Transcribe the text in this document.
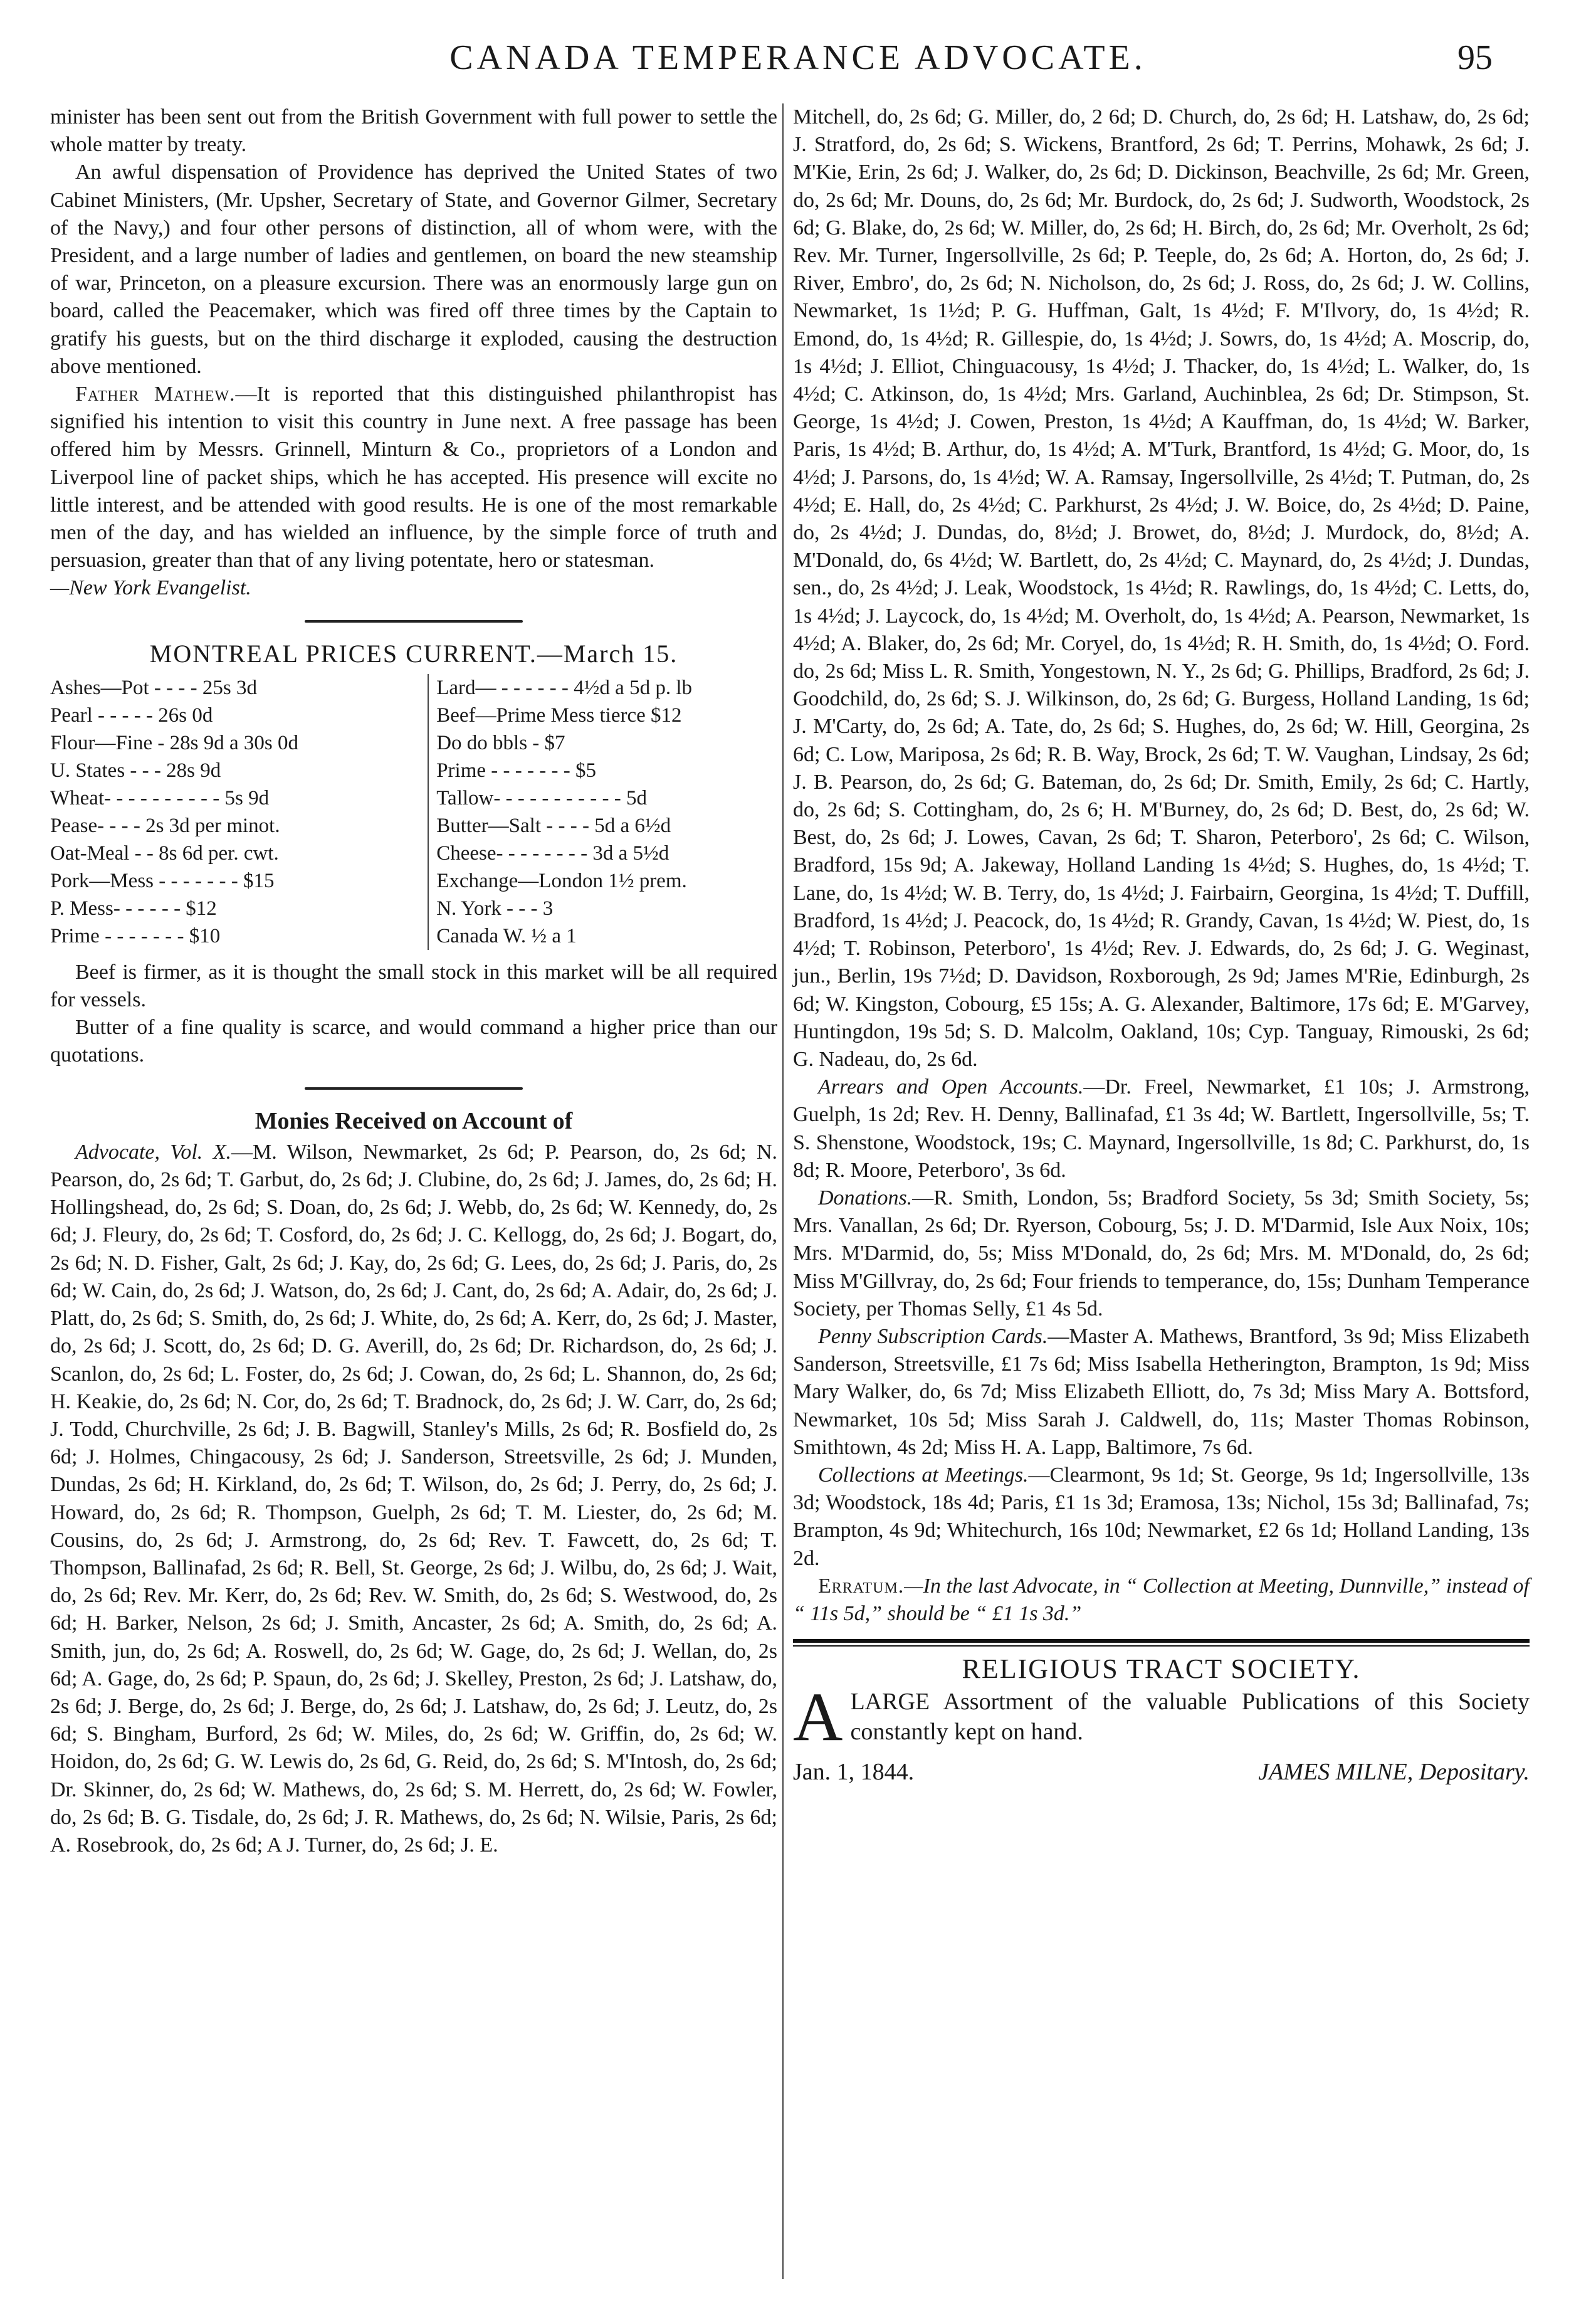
CANADA TEMPERANCE ADVOCATE.	95

minister has been sent out from the British Government with full power to settle the whole matter by treaty.

An awful dispensation of Providence has deprived the United States of two Cabinet Ministers, (Mr. Upsher, Secretary of State, and Governor Gilmer, Secretary of the Navy,) and four other persons of distinction, all of whom were, with the President, and a large number of ladies and gentlemen, on board the new steamship of war, Princeton, on a pleasure excursion. There was an enormously large gun on board, called the Peacemaker, which was fired off three times by the Captain to gratify his guests, but on the third discharge it exploded, causing the destruction above mentioned.

Father Mathew.—It is reported that this distinguished philanthropist has signified his intention to visit this country in June next. A free passage has been offered him by Messrs. Grinnell, Minturn & Co., proprietors of a London and Liverpool line of packet ships, which he has accepted. His presence will excite no little interest, and be attended with good results. He is one of the most remarkable men of the day, and has wielded an influence, by the simple force of truth and persuasion, greater than that of any living potentate, hero or statesman.
—New York Evangelist.

MONTREAL PRICES CURRENT.—March 15.
Ashes—Pot - - - - 25s 3d
Pearl - - - - - 26s 0d
Flour—Fine - 28s 9d a 30s 0d
U. States - - - 28s 9d
Wheat- - - - - - - - - - 5s 9d
Pease- - - - 2s 3d per minot.
Oat-Meal - - 8s 6d per. cwt.
Pork—Mess - - - - - - - $15
P. Mess- - - - - - $12
Prime - - - - - - - $10

Lard— - - - - - - 4½d a 5d p. lb
Beef—Prime Mess tierce $12
Do do bbls - $7
Prime - - - - - - - $5
Tallow- - - - - - - - - - - 5d
Butter—Salt - - - - 5d a 6½d
Cheese- - - - - - - - 3d a 5½d
Exchange—London 1½ prem.
N. York - - - 3
Canada W. ½ a 1

Beef is firmer, as it is thought the small stock in this market will be all required for vessels.

Butter of a fine quality is scarce, and would command a higher price than our quotations.

Monies Received on Account of

Advocate, Vol. X.—M. Wilson, Newmarket, 2s 6d; P. Pearson, do, 2s 6d; N. Pearson, do, 2s 6d; T. Garbut, do, 2s 6d; J. Clubine, do, 2s 6d; J. James, do, 2s 6d; H. Hollingshead, do, 2s 6d; S. Doan, do, 2s 6d; J. Webb, do, 2s 6d; W. Kennedy, do, 2s 6d; J. Fleury, do, 2s 6d; T. Cosford, do, 2s 6d; J. C. Kellogg, do, 2s 6d; J. Bogart, do, 2s 6d; N. D. Fisher, Galt, 2s 6d; J. Kay, do, 2s 6d; G. Lees, do, 2s 6d; J. Paris, do, 2s 6d; W. Cain, do, 2s 6d; J. Watson, do, 2s 6d; J. Cant, do, 2s 6d; A. Adair, do, 2s 6d; J. Platt, do, 2s 6d; S. Smith, do, 2s 6d; J. White, do, 2s 6d; A. Kerr, do, 2s 6d; J. Master, do, 2s 6d; J. Scott, do, 2s 6d; D. G. Averill, do, 2s 6d; Dr. Richardson, do, 2s 6d; J. Scanlon, do, 2s 6d; L. Foster, do, 2s 6d; J. Cowan, do, 2s 6d; L. Shannon, do, 2s 6d; H. Keakie, do, 2s 6d; N. Cor, do, 2s 6d; T. Bradnock, do, 2s 6d; J. W. Carr, do, 2s 6d; J. Todd, Churchville, 2s 6d; J. B. Bagwill, Stanley's Mills, 2s 6d; R. Bosfield do, 2s 6d; J. Holmes, Chingacousy, 2s 6d; J. Sanderson, Streetsville, 2s 6d; J. Munden, Dundas, 2s 6d; H. Kirkland, do, 2s 6d; T. Wilson, do, 2s 6d; J. Perry, do, 2s 6d; J. Howard, do, 2s 6d; R. Thompson, Guelph, 2s 6d; T. M. Liester, do, 2s 6d; M. Cousins, do, 2s 6d; J. Armstrong, do, 2s 6d; Rev. T. Fawcett, do, 2s 6d; T. Thompson, Ballinafad, 2s 6d; R. Bell, St. George, 2s 6d; J. Wilbu, do, 2s 6d; J. Wait, do, 2s 6d; Rev. Mr. Kerr, do, 2s 6d; Rev. W. Smith, do, 2s 6d; S. Westwood, do, 2s 6d; H. Barker, Nelson, 2s 6d; J. Smith, Ancaster, 2s 6d; A. Smith, do, 2s 6d; A. Smith, jun, do, 2s 6d; A. Roswell, do, 2s 6d; W. Gage, do, 2s 6d; J. Wellan, do, 2s 6d; A. Gage, do, 2s 6d; P. Spaun, do, 2s 6d; J. Skelley, Preston, 2s 6d; J. Latshaw, do, 2s 6d; J. Berge, do, 2s 6d; J. Berge, do, 2s 6d; J. Latshaw, do, 2s 6d; J. Leutz, do, 2s 6d; S. Bingham, Burford, 2s 6d; W. Miles, do, 2s 6d; W. Griffin, do, 2s 6d; W. Hoidon, do, 2s 6d; G. W. Lewis do, 2s 6d, G. Reid, do, 2s 6d; S. M'Intosh, do, 2s 6d; Dr. Skinner, do, 2s 6d; W. Mathews, do, 2s 6d; S. M. Herrett, do, 2s 6d; W. Fowler, do, 2s 6d; B. G. Tisdale, do, 2s 6d; J. R. Mathews, do, 2s 6d; N. Wilsie, Paris, 2s 6d; A. Rosebrook, do, 2s 6d; A J. Turner, do, 2s 6d; J. E.

Mitchell, do, 2s 6d; G. Miller, do, 2 6d; D. Church, do, 2s 6d; H. Latshaw, do, 2s 6d; J. Stratford, do, 2s 6d; S. Wickens, Brantford, 2s 6d; T. Perrins, Mohawk, 2s 6d; J. M'Kie, Erin, 2s 6d; J. Walker, do, 2s 6d; D. Dickinson, Beachville, 2s 6d; Mr. Green, do, 2s 6d; Mr. Douns, do, 2s 6d; Mr. Burdock, do, 2s 6d; J. Sudworth, Woodstock, 2s 6d; G. Blake, do, 2s 6d; W. Miller, do, 2s 6d; H. Birch, do, 2s 6d; Mr. Overholt, 2s 6d; Rev. Mr. Turner, Ingersollville, 2s 6d; P. Teeple, do, 2s 6d; A. Horton, do, 2s 6d; J. River, Embro', do, 2s 6d; N. Nicholson, do, 2s 6d; J. Ross, do, 2s 6d; J. W. Collins, Newmarket, 1s 1½d; P. G. Huffman, Galt, 1s 4½d; F. M'Ilvory, do, 1s 4½d; R. Emond, do, 1s 4½d; R. Gillespie, do, 1s 4½d; J. Sowrs, do, 1s 4½d; A. Moscrip, do, 1s 4½d; J. Elliot, Chinguacousy, 1s 4½d; J. Thacker, do, 1s 4½d; L. Walker, do, 1s 4½d; C. Atkinson, do, 1s 4½d; Mrs. Garland, Auchinblea, 2s 6d; Dr. Stimpson, St. George, 1s 4½d; J. Cowen, Preston, 1s 4½d; A Kauffman, do, 1s 4½d; W. Barker, Paris, 1s 4½d; B. Arthur, do, 1s 4½d; A. M'Turk, Brantford, 1s 4½d; G. Moor, do, 1s 4½d; J. Parsons, do, 1s 4½d; W. A. Ramsay, Ingersollville, 2s 4½d; T. Putman, do, 2s 4½d; E. Hall, do, 2s 4½d; C. Parkhurst, 2s 4½d; J. W. Boice, do, 2s 4½d; D. Paine, do, 2s 4½d; J. Dundas, do, 8½d; J. Browet, do, 8½d; J. Murdock, do, 8½d; A. M'Donald, do, 6s 4½d; W. Bartlett, do, 2s 4½d; C. Maynard, do, 2s 4½d; J. Dundas, sen., do, 2s 4½d; J. Leak, Woodstock, 1s 4½d; R. Rawlings, do, 1s 4½d; C. Letts, do, 1s 4½d; J. Laycock, do, 1s 4½d; M. Overholt, do, 1s 4½d; A. Pearson, Newmarket, 1s 4½d; A. Blaker, do, 2s 6d; Mr. Coryel, do, 1s 4½d; R. H. Smith, do, 1s 4½d; O. Ford. do, 2s 6d; Miss L. R. Smith, Yongestown, N. Y., 2s 6d; G. Phillips, Bradford, 2s 6d; J. Goodchild, do, 2s 6d; S. J. Wilkinson, do, 2s 6d; G. Burgess, Holland Landing, 1s 6d; J. M'Carty, do, 2s 6d; A. Tate, do, 2s 6d; S. Hughes, do, 2s 6d; W. Hill, Georgina, 2s 6d; C. Low, Mariposa, 2s 6d; R. B. Way, Brock, 2s 6d; T. W. Vaughan, Lindsay, 2s 6d; J. B. Pearson, do, 2s 6d; G. Bateman, do, 2s 6d; Dr. Smith, Emily, 2s 6d; C. Hartly, do, 2s 6d; S. Cottingham, do, 2s 6; H. M'Burney, do, 2s 6d; D. Best, do, 2s 6d; W. Best, do, 2s 6d; J. Lowes, Cavan, 2s 6d; T. Sharon, Peterboro', 2s 6d; C. Wilson, Bradford, 15s 9d; A. Jakeway, Holland Landing 1s 4½d; S. Hughes, do, 1s 4½d; T. Lane, do, 1s 4½d; W. B. Terry, do, 1s 4½d; J. Fairbairn, Georgina, 1s 4½d; T. Duffill, Bradford, 1s 4½d; J. Peacock, do, 1s 4½d; R. Grandy, Cavan, 1s 4½d; W. Piest, do, 1s 4½d; T. Robinson, Peterboro', 1s 4½d; Rev. J. Edwards, do, 2s 6d; J. G. Weginast, jun., Berlin, 19s 7½d; D. Davidson, Roxborough, 2s 9d; James M'Rie, Edinburgh, 2s 6d; W. Kingston, Cobourg, £5 15s; A. G. Alexander, Baltimore, 17s 6d; E. M'Garvey, Huntingdon, 19s 5d; S. D. Malcolm, Oakland, 10s; Cyp. Tanguay, Rimouski, 2s 6d; G. Nadeau, do, 2s 6d.

Arrears and Open Accounts.—Dr. Freel, Newmarket, £1 10s; J. Armstrong, Guelph, 1s 2d; Rev. H. Denny, Ballinafad, £1 3s 4d; W. Bartlett, Ingersollville, 5s; T. S. Shenstone, Woodstock, 19s; C. Maynard, Ingersollville, 1s 8d; C. Parkhurst, do, 1s 8d; R. Moore, Peterboro', 3s 6d.

Donations.—R. Smith, London, 5s; Bradford Society, 5s 3d; Smith Society, 5s; Mrs. Vanallan, 2s 6d; Dr. Ryerson, Cobourg, 5s; J. D. M'Darmid, Isle Aux Noix, 10s; Mrs. M'Darmid, do, 5s; Miss M'Donald, do, 2s 6d; Mrs. M. M'Donald, do, 2s 6d; Miss M'Gillvray, do, 2s 6d; Four friends to temperance, do, 15s; Dunham Temperance Society, per Thomas Selly, £1 4s 5d.

Penny Subscription Cards.—Master A. Mathews, Brantford, 3s 9d; Miss Elizabeth Sanderson, Streetsville, £1 7s 6d; Miss Isabella Hetherington, Brampton, 1s 9d; Miss Mary Walker, do, 6s 7d; Miss Elizabeth Elliott, do, 7s 3d; Miss Mary A. Bottsford, Newmarket, 10s 5d; Miss Sarah J. Caldwell, do, 11s; Master Thomas Robinson, Smithtown, 4s 2d; Miss H. A. Lapp, Baltimore, 7s 6d.

Collections at Meetings.—Clearmont, 9s 1d; St. George, 9s 1d; Ingersollville, 13s 3d; Woodstock, 18s 4d; Paris, £1 1s 3d; Eramosa, 13s; Nichol, 15s 3d; Ballinafad, 7s; Brampton, 4s 9d; Whitechurch, 16s 10d; Newmarket, £2 6s 1d; Holland Landing, 13s 2d.

Erratum.—In the last Advocate, in “ Collection at Meeting, Dunnville,” instead of “ 11s 5d,” should be “ £1 1s 3d.”

RELIGIOUS TRACT SOCIETY.
A LARGE Assortment of the valuable Publications of this Society constantly kept on hand.
Jan. 1, 1844.	JAMES MILNE, Depositary.
